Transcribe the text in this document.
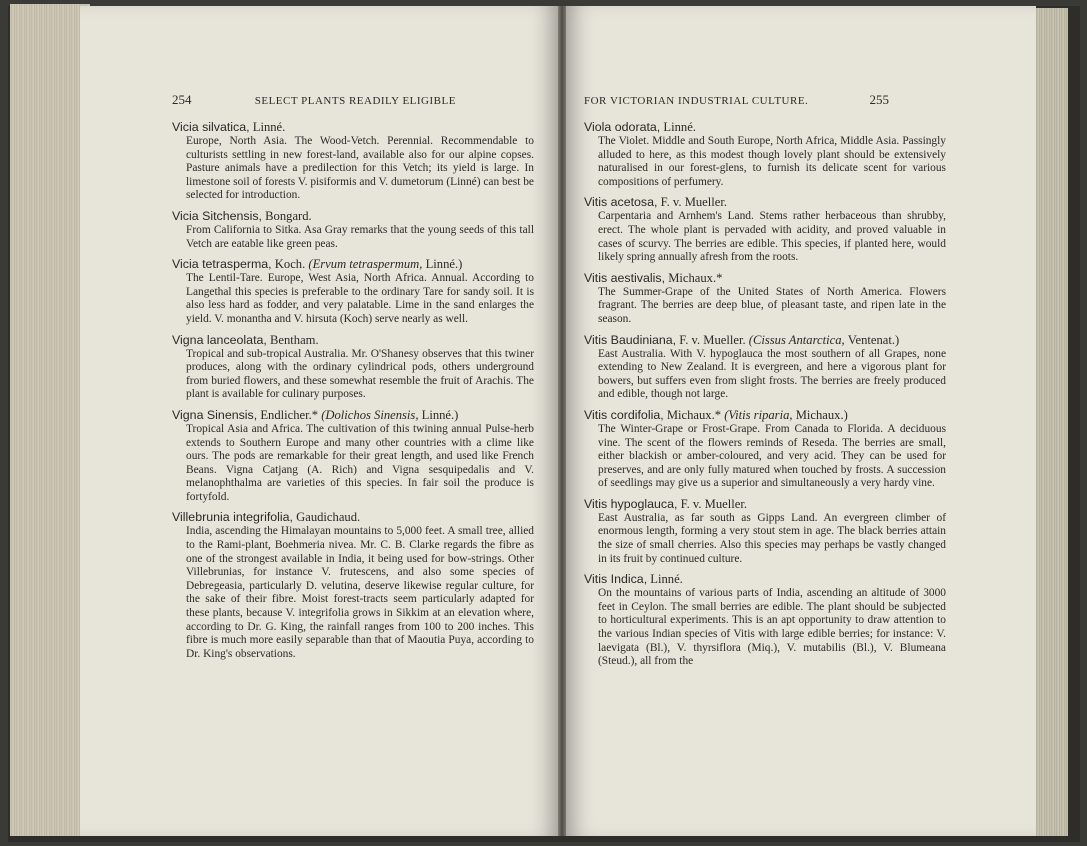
254	SELECT PLANTS READILY ELIGIBLE
Vicia silvatica, Linné.

Europe, North Asia. The Wood-Vetch. Perennial. Recommendable to culturists settling in new forest-land, available also for our alpine copses. Pasture animals have a predilection for this Vetch; its yield is large. In limestone soil of forests V. pisiformis and V. dumetorum (Linné) can best be selected for introduction.

Vicia Sitchensis, Bongard.

From California to Sitka. Asa Gray remarks that the young seeds of this tall Vetch are eatable like green peas.

Vicia tetrasperma, Koch. (Ervum tetraspermum, Linné.)

The Lentil-Tare. Europe, West Asia, North Africa. Annual. According to Langethal this species is preferable to the ordinary Tare for sandy soil. It is also less hard as fodder, and very palatable. Lime in the sand enlarges the yield. V. monantha and V. hirsuta (Koch) serve nearly as well.

Vigna lanceolata, Bentham.

Tropical and sub-tropical Australia. Mr. O'Shanesy observes that this twiner produces, along with the ordinary cylindrical pods, others underground from buried flowers, and these somewhat resemble the fruit of Arachis. The plant is available for culinary purposes.

Vigna Sinensis, Endlicher.* (Dolichos Sinensis, Linné.)

Tropical Asia and Africa. The cultivation of this twining annual Pulse-herb extends to Southern Europe and many other countries with a clime like ours. The pods are remarkable for their great length, and used like French Beans. Vigna Catjang (A. Rich) and Vigna sesquipedalis and V. melanophthalma are varieties of this species. In fair soil the produce is fortyfold.

Villebrunia integrifolia, Gaudichaud.

India, ascending the Himalayan mountains to 5,000 feet. A small tree, allied to the Rami-plant, Boehmeria nivea. Mr. C. B. Clarke regards the fibre as one of the strongest available in India, it being used for bow-strings. Other Villebrunias, for instance V. frutescens, and also some species of Debregeasia, particularly D. velutina, deserve likewise regular culture, for the sake of their fibre. Moist forest-tracts seem particularly adapted for these plants, because V. integrifolia grows in Sikkim at an elevation where, according to Dr. G. King, the rainfall ranges from 100 to 200 inches. This fibre is much more easily separable than that of Maoutia Puya, according to Dr. King's observations.

FOR VICTORIAN INDUSTRIAL CULTURE.	255
Viola odorata, Linné.

The Violet. Middle and South Europe, North Africa, Middle Asia. Passingly alluded to here, as this modest though lovely plant should be extensively naturalised in our forest-glens, to furnish its delicate scent for various compositions of perfumery.

Vitis acetosa, F. v. Mueller.

Carpentaria and Arnhem's Land. Stems rather herbaceous than shrubby, erect. The whole plant is pervaded with acidity, and proved valuable in cases of scurvy. The berries are edible. This species, if planted here, would likely spring annually afresh from the roots.

Vitis aestivalis, Michaux.*

The Summer-Grape of the United States of North America. Flowers fragrant. The berries are deep blue, of pleasant taste, and ripen late in the season.

Vitis Baudiniana, F. v. Mueller. (Cissus Antarctica, Ventenat.)

East Australia. With V. hypoglauca the most southern of all Grapes, none extending to New Zealand. It is evergreen, and here a vigorous plant for bowers, but suffers even from slight frosts. The berries are freely produced and edible, though not large.

Vitis cordifolia, Michaux.* (Vitis riparia, Michaux.)

The Winter-Grape or Frost-Grape. From Canada to Florida. A deciduous vine. The scent of the flowers reminds of Reseda. The berries are small, either blackish or amber-coloured, and very acid. They can be used for preserves, and are only fully matured when touched by frosts. A succession of seedlings may give us a superior and simultaneously a very hardy vine.

Vitis hypoglauca, F. v. Mueller.

East Australia, as far south as Gipps Land. An evergreen climber of enormous length, forming a very stout stem in age. The black berries attain the size of small cherries. Also this species may perhaps be vastly changed in its fruit by continued culture.

Vitis Indica, Linné.

On the mountains of various parts of India, ascending an altitude of 3000 feet in Ceylon. The small berries are edible. The plant should be subjected to horticultural experiments. This is an apt opportunity to draw attention to the various Indian species of Vitis with large edible berries; for instance: V. laevigata (Bl.), V. thyrsiflora (Miq.), V. mutabilis (Bl.), V. Blumeana (Steud.), all from the
